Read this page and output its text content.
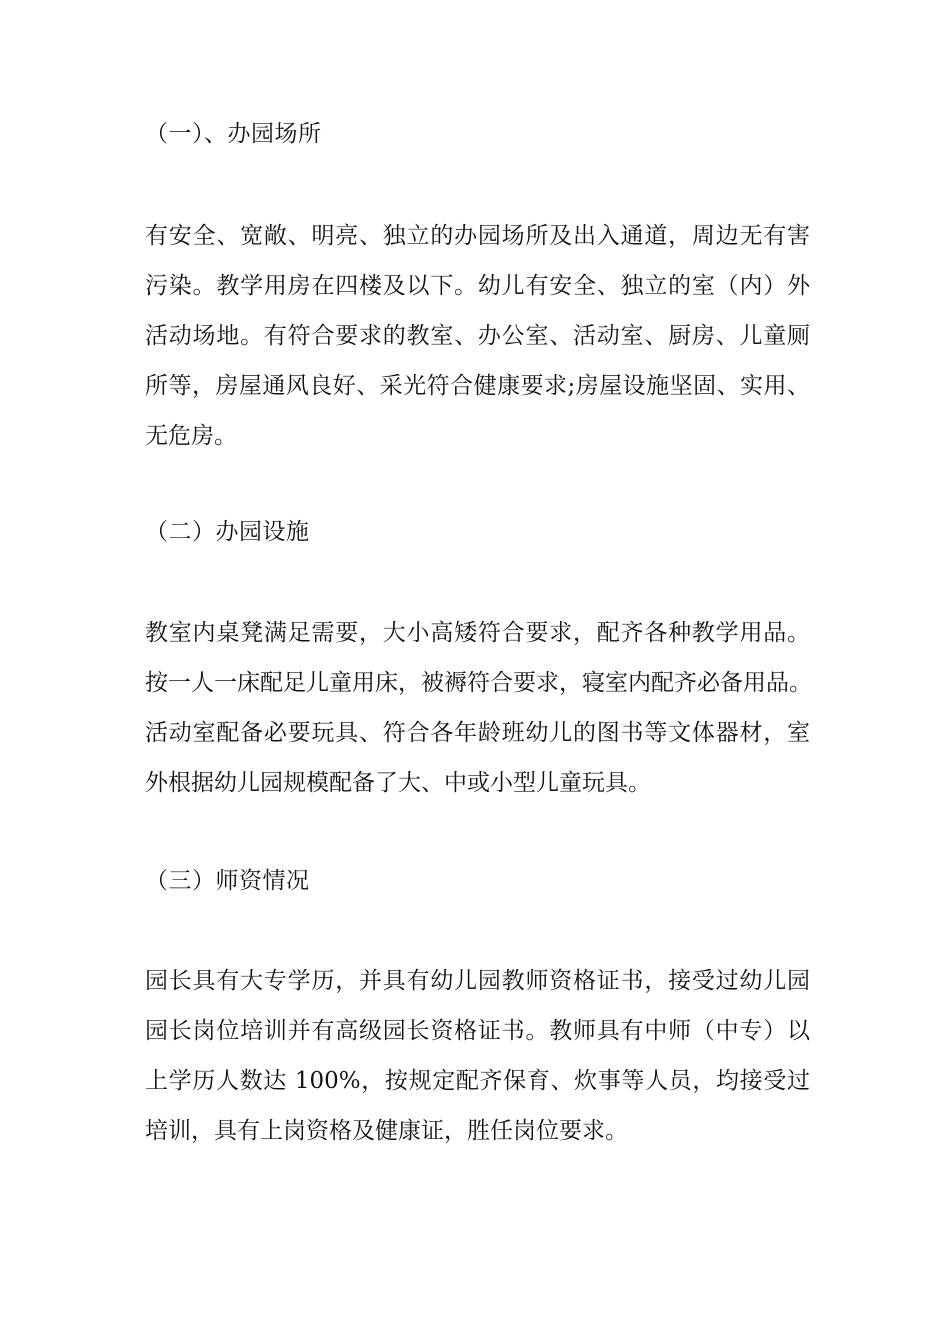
（一）、办园场所
有安全、宽敞、明亮、独立的办园场所及出入通道，周边无有害
污染。教学用房在四楼及以下。幼儿有安全、独立的室（内）外
活动场地。有符合要求的教室、办公室、活动室、厨房、儿童厕
所等，房屋通风良好、采光符合健康要求;房屋设施坚固、实用、
无危房。
（二）办园设施
教室内桌凳满足需要，大小高矮符合要求，配齐各种教学用品。
按一人一床配足儿童用床，被褥符合要求，寝室内配齐必备用品。
活动室配备必要玩具、符合各年龄班幼儿的图书等文体器材，室
外根据幼儿园规模配备了大、中或小型儿童玩具。
（三）师资情况
园长具有大专学历，并具有幼儿园教师资格证书，接受过幼儿园
园长岗位培训并有高级园长资格证书。教师具有中师（中专）以
上学历人数达 100%，按规定配齐保育、炊事等人员，均接受过
培训，具有上岗资格及健康证，胜任岗位要求。
